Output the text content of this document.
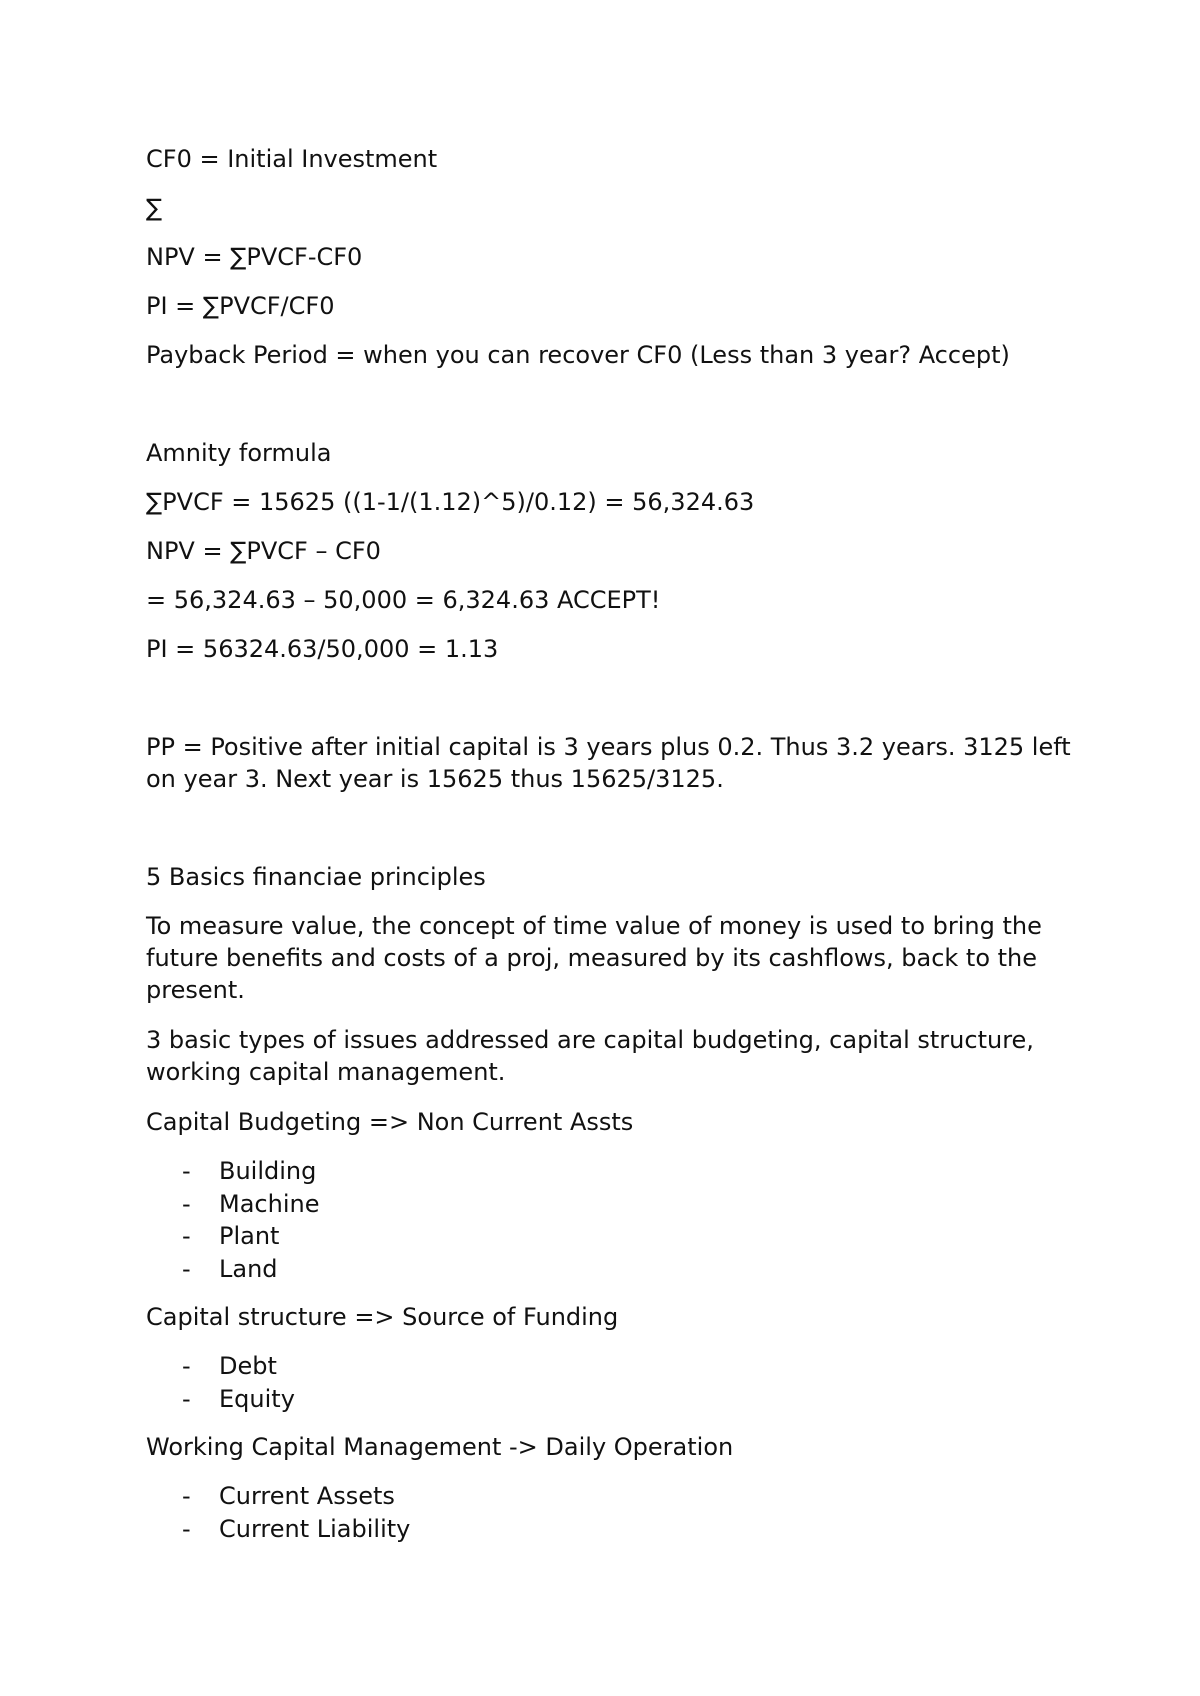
CF0 = Initial Investment
∑
NPV = ∑PVCF-CF0
PI = ∑PVCF/CF0
Payback Period = when you can recover CF0 (Less than 3 year? Accept)
Amnity formula
∑PVCF = 15625 ((1-1/(1.12)^5)/0.12) = 56,324.63
NPV = ∑PVCF – CF0
= 56,324.63 – 50,000 = 6,324.63 ACCEPT!
PI = 56324.63/50,000 = 1.13
PP = Positive after initial capital is 3 years plus 0.2. Thus 3.2 years. 3125 left on year 3. Next year is 15625 thus 15625/3125.
5 Basics financiae principles
To measure value, the concept of time value of money is used to bring the future benefits and costs of a proj, measured by its cashflows, back to the present.
3 basic types of issues addressed are capital budgeting, capital structure, working capital management.
Capital Budgeting => Non Current Assts
- Building
- Machine
- Plant
- Land
Capital structure => Source of Funding
- Debt
- Equity
Working Capital Management -> Daily Operation
- Current Assets
- Current Liability
